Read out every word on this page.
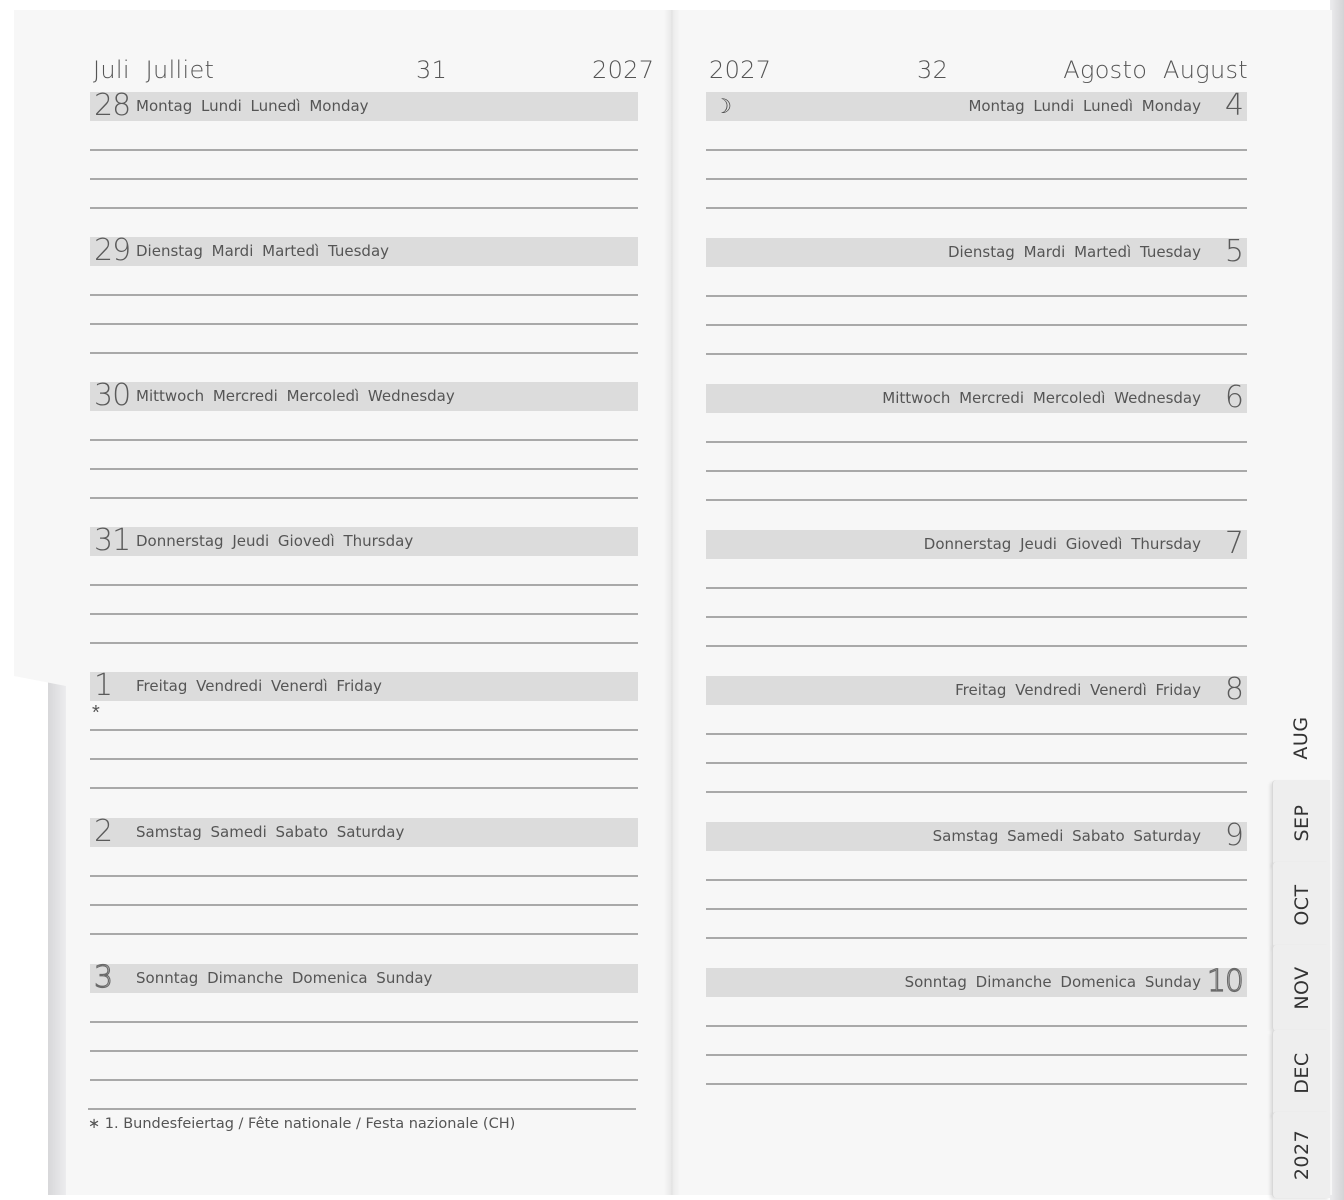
Juli  Julliet	31	2027 2027	32	Agosto  August
28 Montag Lundi Lunedì Monday
29 Dienstag Mardi Martedì Tuesday
30 Mittwoch Mercredi Mercoledì Wednesday
31 Donnerstag Jeudi Giovedì Thursday
1 Freitag Vendredi Venerdì Friday
*
2 Samstag Samedi Sabato Saturday
3 Sonntag Dimanche Domenica Sunday
∗ 1. Bundesfeiertag / Fête nationale / Festa nazionale (CH)
☽	Montag Lundi Lunedì Monday 4
Dienstag Mardi Martedì Tuesday 5
Mittwoch Mercredi Mercoledì Wednesday 6
Donnerstag Jeudi Giovedì Thursday 7
Freitag Vendredi Venerdì Friday 8
Samstag Samedi Sabato Saturday 9
Sonntag Dimanche Domenica Sunday 10
AUG
SEP
OCT
NOV
DEC
2027
